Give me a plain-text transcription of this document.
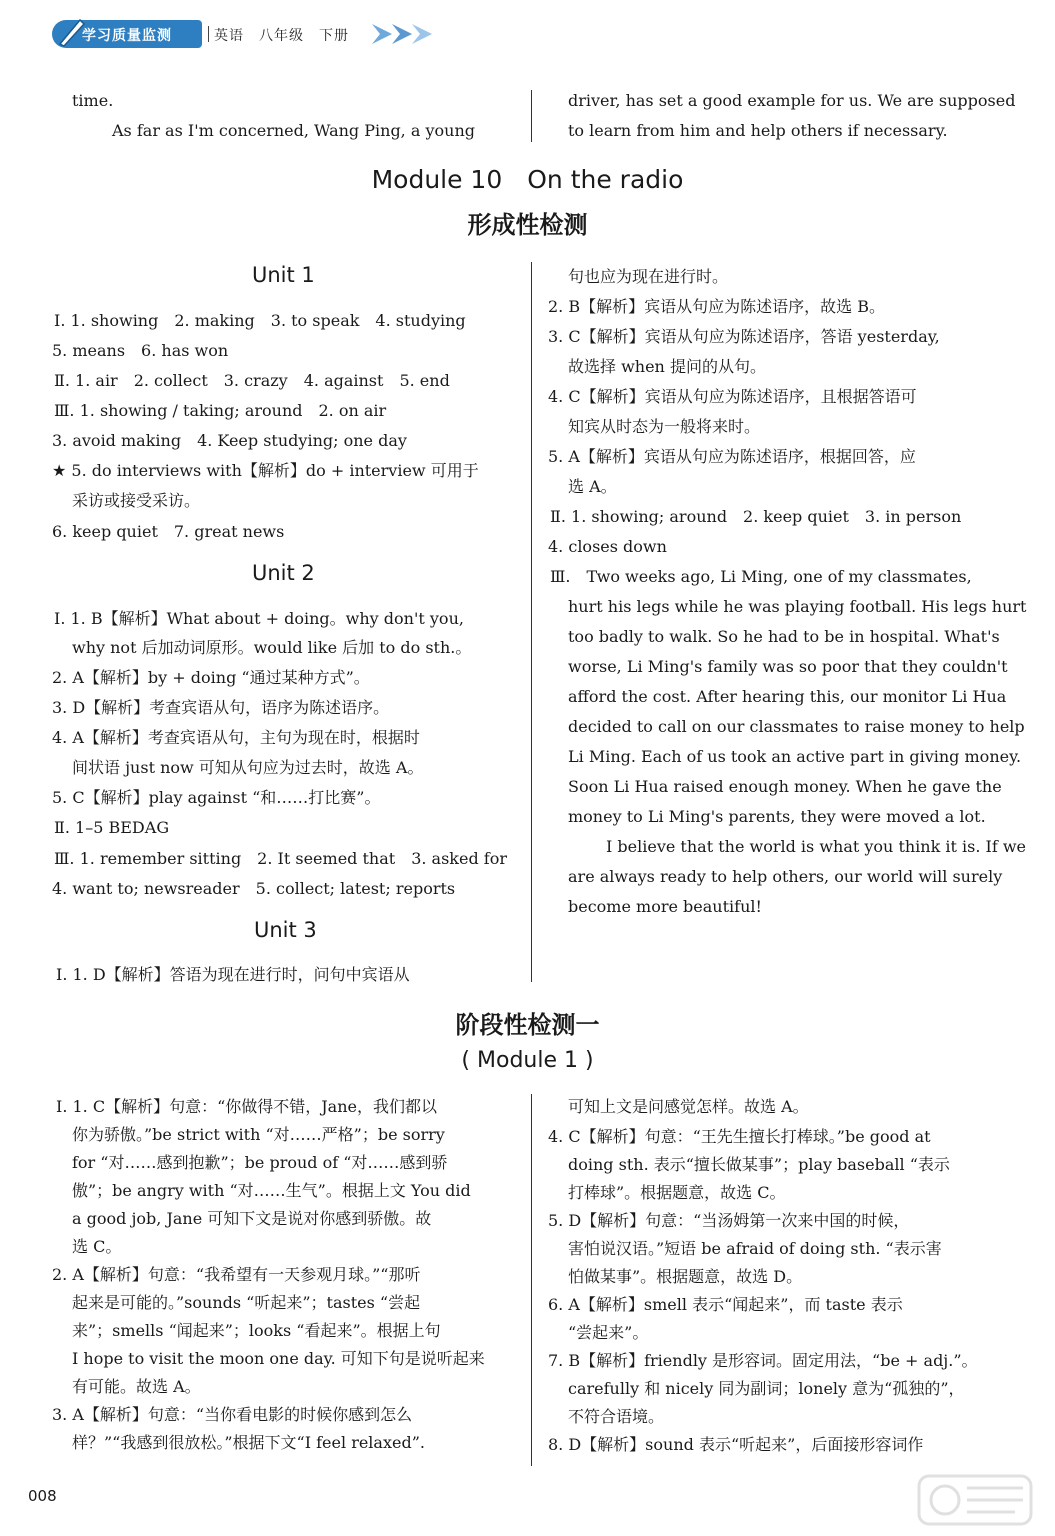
学习质量监测	英语　八年级　下册
time.
As far as I'm concerned, Wang Ping, a young
driver, has set a good example for us. We are supposed
to learn from him and help others if necessary.
Module 10　On the radio
形成性检测
Unit 1
Ⅰ. 1. showing　2. making　3. to speak　4. studying
5. means　6. has won
Ⅱ. 1. air　2. collect　3. crazy　4. against　5. end
Ⅲ. 1. showing / taking; around　2. on air
3. avoid making　4. Keep studying; one day
★ 5. do interviews with【解析】do + interview 可用于
采访或接受采访。
6. keep quiet　7. great news
Unit 2
Ⅰ. 1. B【解析】What about + doing。why don't you,
why not 后加动词原形。would like 后加 to do sth.。
2. A【解析】by + doing “通过某种方式”。
3. D【解析】考查宾语从句，语序为陈述语序。
4. A【解析】考查宾语从句，主句为现在时，根据时
间状语 just now 可知从句应为过去时，故选 A。
5. C【解析】play against “和……打比赛”。
Ⅱ. 1–5 BEDAG
Ⅲ. 1. remember sitting　2. It seemed that　3. asked for
4. want to; newsreader　5. collect; latest; reports
Unit 3
Ⅰ. 1. D【解析】答语为现在进行时，问句中宾语从
句也应为现在进行时。
2. B【解析】宾语从句应为陈述语序，故选 B。
3. C【解析】宾语从句应为陈述语序，答语 yesterday,
故选择 when 提问的从句。
4. C【解析】宾语从句应为陈述语序，且根据答语可
知宾从时态为一般将来时。
5. A【解析】宾语从句应为陈述语序，根据回答，应
选 A。
Ⅱ. 1. showing; around　2. keep quiet　3. in person
4. closes down
Ⅲ.　Two weeks ago, Li Ming, one of my classmates,
hurt his legs while he was playing football. His legs hurt
too badly to walk. So he had to be in hospital. What's
worse, Li Ming's family was so poor that they couldn't
afford the cost. After hearing this, our monitor Li Hua
decided to call on our classmates to raise money to help
Li Ming. Each of us took an active part in giving money.
Soon Li Hua raised enough money. When he gave the
money to Li Ming's parents, they were moved a lot.
I believe that the world is what you think it is. If we
are always ready to help others, our world will surely
become more beautiful!
阶段性检测一
( Module 1 )
Ⅰ. 1. C【解析】句意：“你做得不错，Jane，我们都以
你为骄傲。”be strict with “对……严格”；be sorry
for “对……感到抱歉”；be proud of “对……感到骄
傲”；be angry with “对……生气”。根据上文 You did
a good job, Jane 可知下文是说对你感到骄傲。故
选 C。
2. A【解析】句意：“我希望有一天参观月球。”“那听
起来是可能的。”sounds “听起来”；tastes “尝起
来”；smells “闻起来”；looks “看起来”。根据上句
I hope to visit the moon one day. 可知下句是说听起来
有可能。故选 A。
3. A【解析】句意：“当你看电影的时候你感到怎么
样？”“我感到很放松。”根据下文“I feel relaxed”.
可知上文是问感觉怎样。故选 A。
4. C【解析】句意：“王先生擅长打棒球。”be good at
doing sth. 表示“擅长做某事”；play baseball “表示
打棒球”。根据题意，故选 C。
5. D【解析】句意：“当汤姆第一次来中国的时候，
害怕说汉语。”短语 be afraid of doing sth. “表示害
怕做某事”。根据题意，故选 D。
6. A【解析】smell 表示“闻起来”，而 taste 表示
“尝起来”。
7. B【解析】friendly 是形容词。固定用法，“be + adj.”。
carefully 和 nicely 同为副词；lonely 意为“孤独的”，
不符合语境。
8. D【解析】sound 表示“听起来”，后面接形容词作
008
